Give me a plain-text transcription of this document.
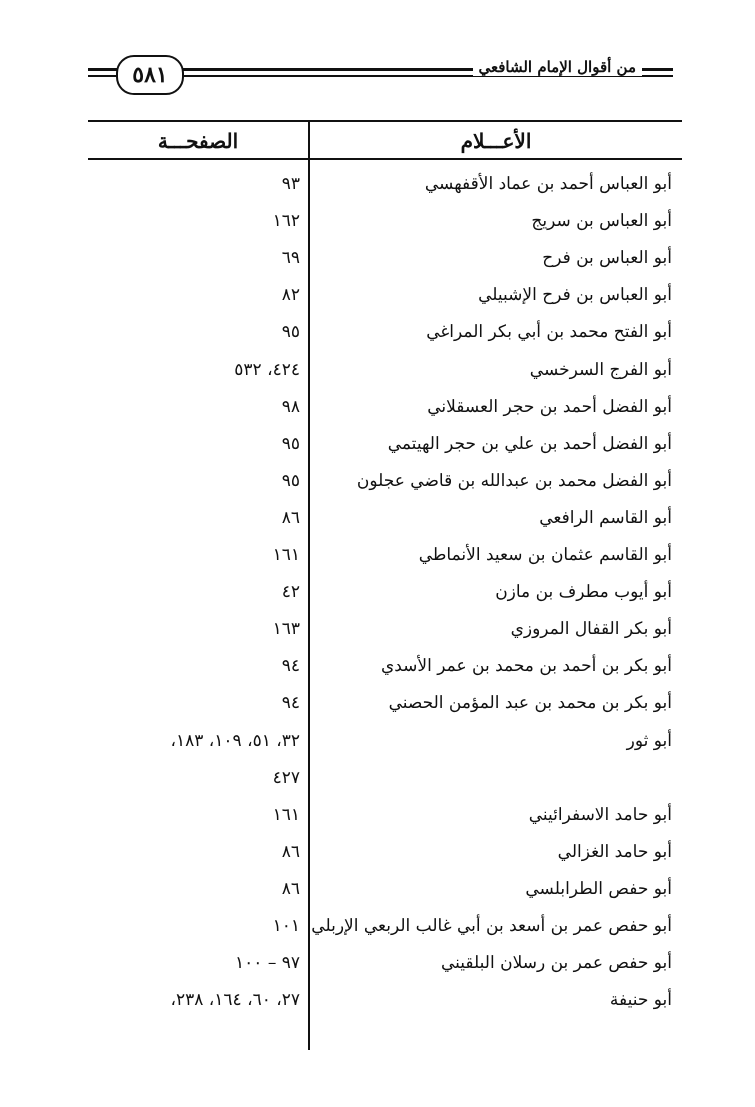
من أقوال الإمام الشافعي
٥٨١
الأعـــلام
الصفحـــة
أبو العباس أحمد بن عماد الأقفهسي
٩٣
أبو العباس بن سريج
١٦٢
أبو العباس بن فرح
٦٩
أبو العباس بن فرح الإشبيلي
٨٢
أبو الفتح محمد بن أبي بكر المراغي
٩٥
أبو الفرج السرخسي
٤٢٤، ٥٣٢
أبو الفضل أحمد بن حجر العسقلاني
٩٨
أبو الفضل أحمد بن علي بن حجر الهيتمي
٩٥
أبو الفضل محمد بن عبدالله بن قاضي عجلون
٩٥
أبو القاسم الرافعي
٨٦
أبو القاسم عثمان بن سعيد الأنماطي
١٦١
أبو أيوب مطرف بن مازن
٤٢
أبو بكر القفال المروزي
١٦٣
أبو بكر بن أحمد بن محمد بن عمر الأسدي
٩٤
أبو بكر بن محمد بن عبد المؤمن الحصني
٩٤
أبو ثور
٣٢، ٥١، ١٠٩، ١٨٣،
٤٢٧
أبو حامد الاسفرائيني
١٦١
أبو حامد الغزالي
٨٦
أبو حفص الطرابلسي
٨٦
أبو حفص عمر بن أسعد بن أبي غالب الربعي الإربلي
١٠١
أبو حفص عمر بن رسلان البلقيني
٩٧ – ١٠٠
أبو حنيفة
٢٧، ٦٠، ١٦٤، ٢٣٨،
